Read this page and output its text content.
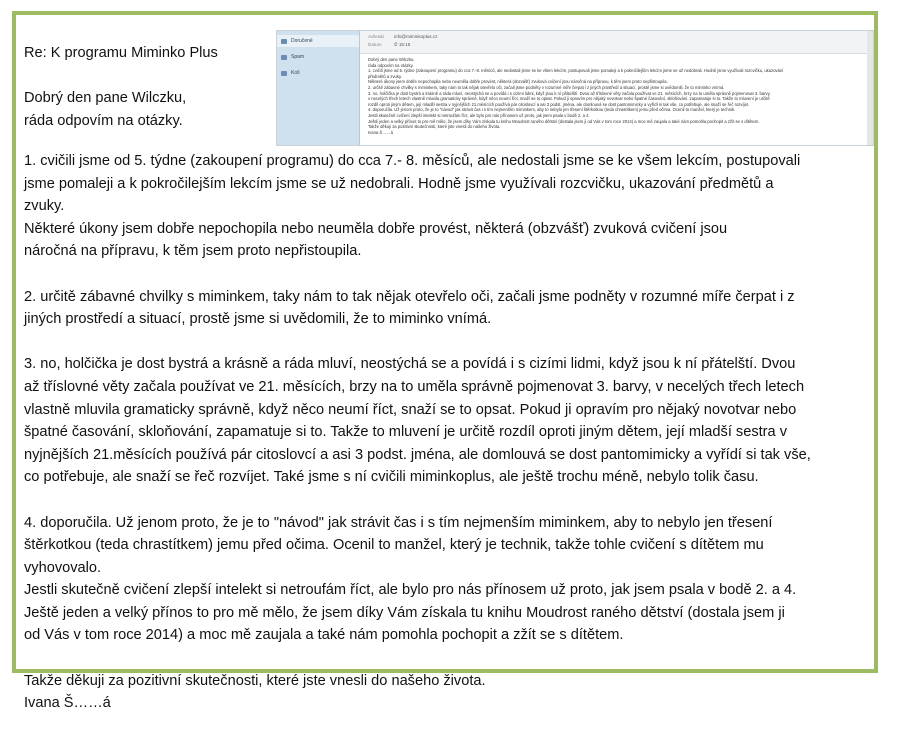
Re: K programu Miminko Plus
Dobrý den pane Wilczku,
ráda odpovím na otázky.
Doručené
Spam
Koš
Adresát info@miminkoplus.cz
Datum	⏱ 15:15
Dobrý den pane Wilczku,
ráda odpovím na otázky.
1. cvičili jsme od 5. týdne (zakoupení programu) do cca 7.-8. měsíců, ale nedostali jsme se ke všem lekcím, postupovali jsme pomaleji a k pokročilejším lekcím jsme se už nedobrali. Hodně jsme využívali rozcvičku, ukazování
předmětů a zvuky.
Některé úkony jsem dobře nepochopila nebo neuměla dobře provést, některá (obzvášť) zvuková cvičení jsou náročná na přípravu, k těm jsem proto nepřistoupila.
2. určitě zábavné chvilky s miminkem, taky nám to tak nějak otevřelo oči, začali jsme podněty v rozumné míře čerpat i z jiných prostředí a situací, prostě jsme si uvědomili, že to miminko vnímá.
3. no, holčička je dost bystrá a krásně a ráda mluví, neostýchá se a povídá i s cizími lidmi, když jsou k ní přátelští. Dvou až tříslovné věty začala používat ve 21. měsících, brzy na to uměla správně pojmenovat 3. barvy,
v necelých třech letech vlastně mluvila gramaticky správně, když něco neumí říct, snaží se to opsat. Pokud ji opravím pro nějaký novotvar nebo špatné časování, skloňování, zapamatuje si to. Takže to mluvení je určitě
rozdíl oproti jiným dětem, její mladší sestra v nyjnějších 21.měsících používá pár citoslovcí a asi 3 podst. jména, ale domlouvá se dost pantomimicky a vyřídí si tak vše, co potřebuje, ale snaží se řeč rozvíjet.
4. doporučila. Už jenom proto, že je to "návod" jak strávit čas i s tím nejmenším miminkem, aby to nebylo jen třesení štěrkotkou (teda chrastítkem) jemu před očima. Ocenil to manžel, který je technik.
Jestli skutečně cvičení zlepší intelekt si netroufám říct, ale bylo pro nás přínosem už proto, jak jsem psala v bodě 2. a 4.
Ještě jeden a velký přínos to pro mě mělo, že jsem díky Vám získala tu knihu Moudrost raného dětství (dostala jsem ji od Vás v tom roce 2014) a moc mě zaujala a také nám pomohla pochopit a zžít se s dítětem.
Takže děkuji za pozitivní skutečnosti, které jste vnesli do našeho života.
Ivana Š……á
1. cvičili jsme od 5. týdne (zakoupení programu) do cca 7.- 8. měsíců, ale nedostali jsme se ke všem lekcím, postupovali
jsme pomaleji a k pokročilejším lekcím jsme se už nedobrali. Hodně jsme využívali rozcvičku, ukazování předmětů a
zvuky.
Některé úkony jsem dobře nepochopila nebo neuměla dobře provést, některá (obzvášť) zvuková cvičení jsou
náročná na přípravu, k těm jsem proto nepřistoupila.
2. určitě zábavné chvilky s miminkem, taky nám to tak nějak otevřelo oči, začali jsme podněty v rozumné míře čerpat i z
jiných prostředí a situací, prostě jsme si uvědomili, že to miminko vnímá.
3. no, holčička je dost bystrá a krásně a ráda mluví, neostýchá se a povídá i s cizími lidmi, když jsou k ní přátelští. Dvou
až tříslovné věty začala používat ve 21. měsících, brzy na to uměla správně pojmenovat 3. barvy, v necelých třech letech
vlastně mluvila gramaticky správně, když něco neumí říct, snaží se to opsat. Pokud ji opravím pro nějaký novotvar nebo
špatné časování, skloňování, zapamatuje si to. Takže to mluvení je určitě rozdíl oproti jiným dětem, její mladší sestra v
nyjnějších 21.měsících používá pár citoslovcí a asi 3 podst. jména, ale domlouvá se dost pantomimicky a vyřídí si tak vše,
co potřebuje, ale snaží se řeč rozvíjet. Také jsme s ní cvičili miminkoplus, ale ještě trochu méně, nebylo tolik času.
4. doporučila. Už jenom proto, že je to "návod" jak strávit čas i s tím nejmenším miminkem, aby to nebylo jen třesení
štěrkotkou (teda chrastítkem) jemu před očima. Ocenil to manžel, který je technik, takže tohle cvičení s dítětem mu
vyhovovalo.
Jestli skutečně cvičení zlepší intelekt si netroufám říct, ale bylo pro nás přínosem už proto, jak jsem psala v bodě 2. a 4.
Ještě jeden a velký přínos to pro mě mělo, že jsem díky Vám získala tu knihu Moudrost raného dětství (dostala jsem ji
od Vás v tom roce 2014) a moc mě zaujala a také nám pomohla pochopit a zžít se s dítětem.
Takže děkuji za pozitivní skutečnosti, které jste vnesli do našeho života.
Ivana Š……á
